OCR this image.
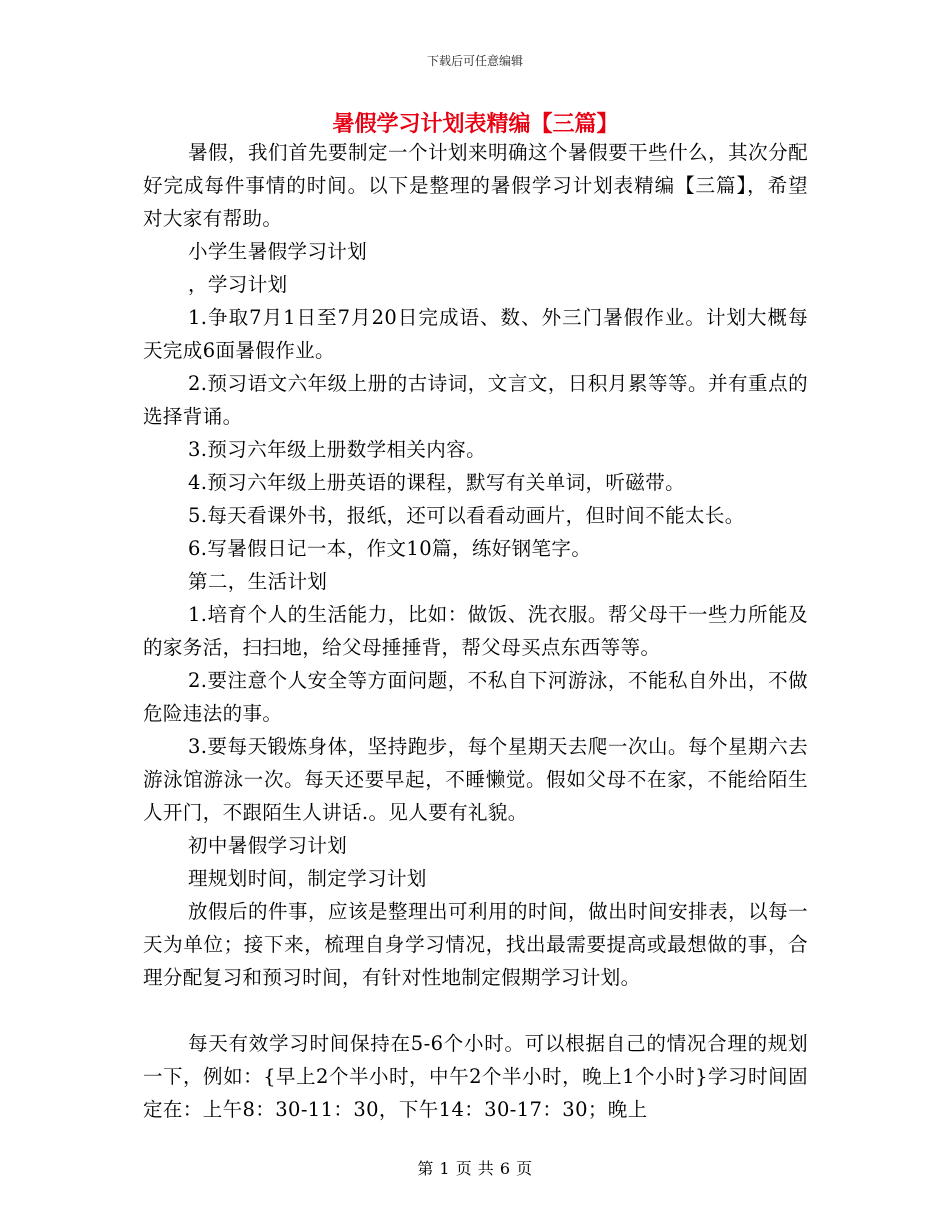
下载后可任意编辑
暑假学习计划表精编【三篇】

暑假，我们首先要制定一个计划来明确这个暑假要干些什么，其次分配好完成每件事情的时间。以下是整理的暑假学习计划表精编【三篇】，希望对大家有帮助。

小学生暑假学习计划

，学习计划

1.争取7月1日至7月20日完成语、数、外三门暑假作业。计划大概每天完成6面暑假作业。

2.预习语文六年级上册的古诗词，文言文，日积月累等等。并有重点的选择背诵。

3.预习六年级上册数学相关内容。

4.预习六年级上册英语的课程，默写有关单词，听磁带。

5.每天看课外书，报纸，还可以看看动画片，但时间不能太长。

6.写暑假日记一本，作文10篇，练好钢笔字。

第二，生活计划

1.培育个人的生活能力，比如：做饭、洗衣服。帮父母干一些力所能及的家务活，扫扫地，给父母捶捶背，帮父母买点东西等等。

2.要注意个人安全等方面问题，不私自下河游泳，不能私自外出，不做危险违法的事。

3.要每天锻炼身体，坚持跑步，每个星期天去爬一次山。每个星期六去游泳馆游泳一次。每天还要早起，不睡懒觉。假如父母不在家，不能给陌生人开门，不跟陌生人讲话.。见人要有礼貌。

初中暑假学习计划

理规划时间，制定学习计划

放假后的件事，应该是整理出可利用的时间，做出时间安排表，以每一天为单位；接下来，梳理自身学习情况，找出最需要提高或最想做的事，合理分配复习和预习时间，有针对性地制定假期学习计划。

每天有效学习时间保持在5-6个小时。可以根据自己的情况合理的规划一下，例如：{早上2个半小时，中午2个半小时，晚上1个小时}学习时间固定在：上午8：30-11：30，下午14：30-17：30；晚上

第 1 页 共 6 页
